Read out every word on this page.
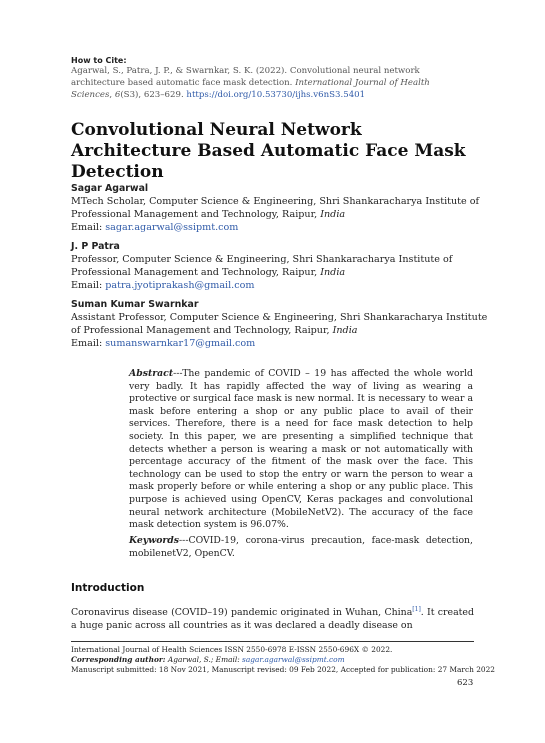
How to Cite:
Agarwal, S., Patra, J. P., & Swarnkar, S. K. (2022). Convolutional neural network architecture based automatic face mask detection. International Journal of Health Sciences, 6(S3), 623–629. https://doi.org/10.53730/ijhs.v6nS3.5401
Convolutional Neural Network Architecture Based Automatic Face Mask Detection
Sagar Agarwal
MTech Scholar, Computer Science & Engineering, Shri Shankaracharya Institute of Professional Management and Technology, Raipur, India
Email: sagar.agarwal@ssipmt.com
J. P Patra
Professor, Computer Science & Engineering, Shri Shankaracharya Institute of Professional Management and Technology, Raipur, India
Email: patra.jyotiprakash@gmail.com
Suman Kumar Swarnkar
Assistant Professor, Computer Science & Engineering, Shri Shankaracharya Institute of Professional Management and Technology, Raipur, India
Email: sumanswarnkar17@gmail.com
Abstract---The pandemic of COVID – 19 has affected the whole world very badly. It has rapidly affected the way of living as wearing a protective or surgical face mask is new normal. It is necessary to wear a mask before entering a shop or any public place to avail of their services. Therefore, there is a need for face mask detection to help society. In this paper, we are presenting a simplified technique that detects whether a person is wearing a mask or not automatically with percentage accuracy of the fitment of the mask over the face. This technology can be used to stop the entry or warn the person to wear a mask properly before or while entering a shop or any public place. This purpose is achieved using OpenCV, Keras packages and convolutional neural network architecture (MobileNetV2). The accuracy of the face mask detection system is 96.07%.
Keywords---COVID-19, corona-virus precaution, face-mask detection, mobilenetV2, OpenCV.
Introduction
Coronavirus disease (COVID–19) pandemic originated in Wuhan, China[1]. It created a huge panic across all countries as it was declared a deadly disease on
International Journal of Health Sciences ISSN 2550-6978 E-ISSN 2550-696X © 2022.
Corresponding author: Agarwal, S.; Email: sagar.agarwal@ssipmt.com
Manuscript submitted: 18 Nov 2021, Manuscript revised: 09 Feb 2022, Accepted for publication: 27 March 2022
623
